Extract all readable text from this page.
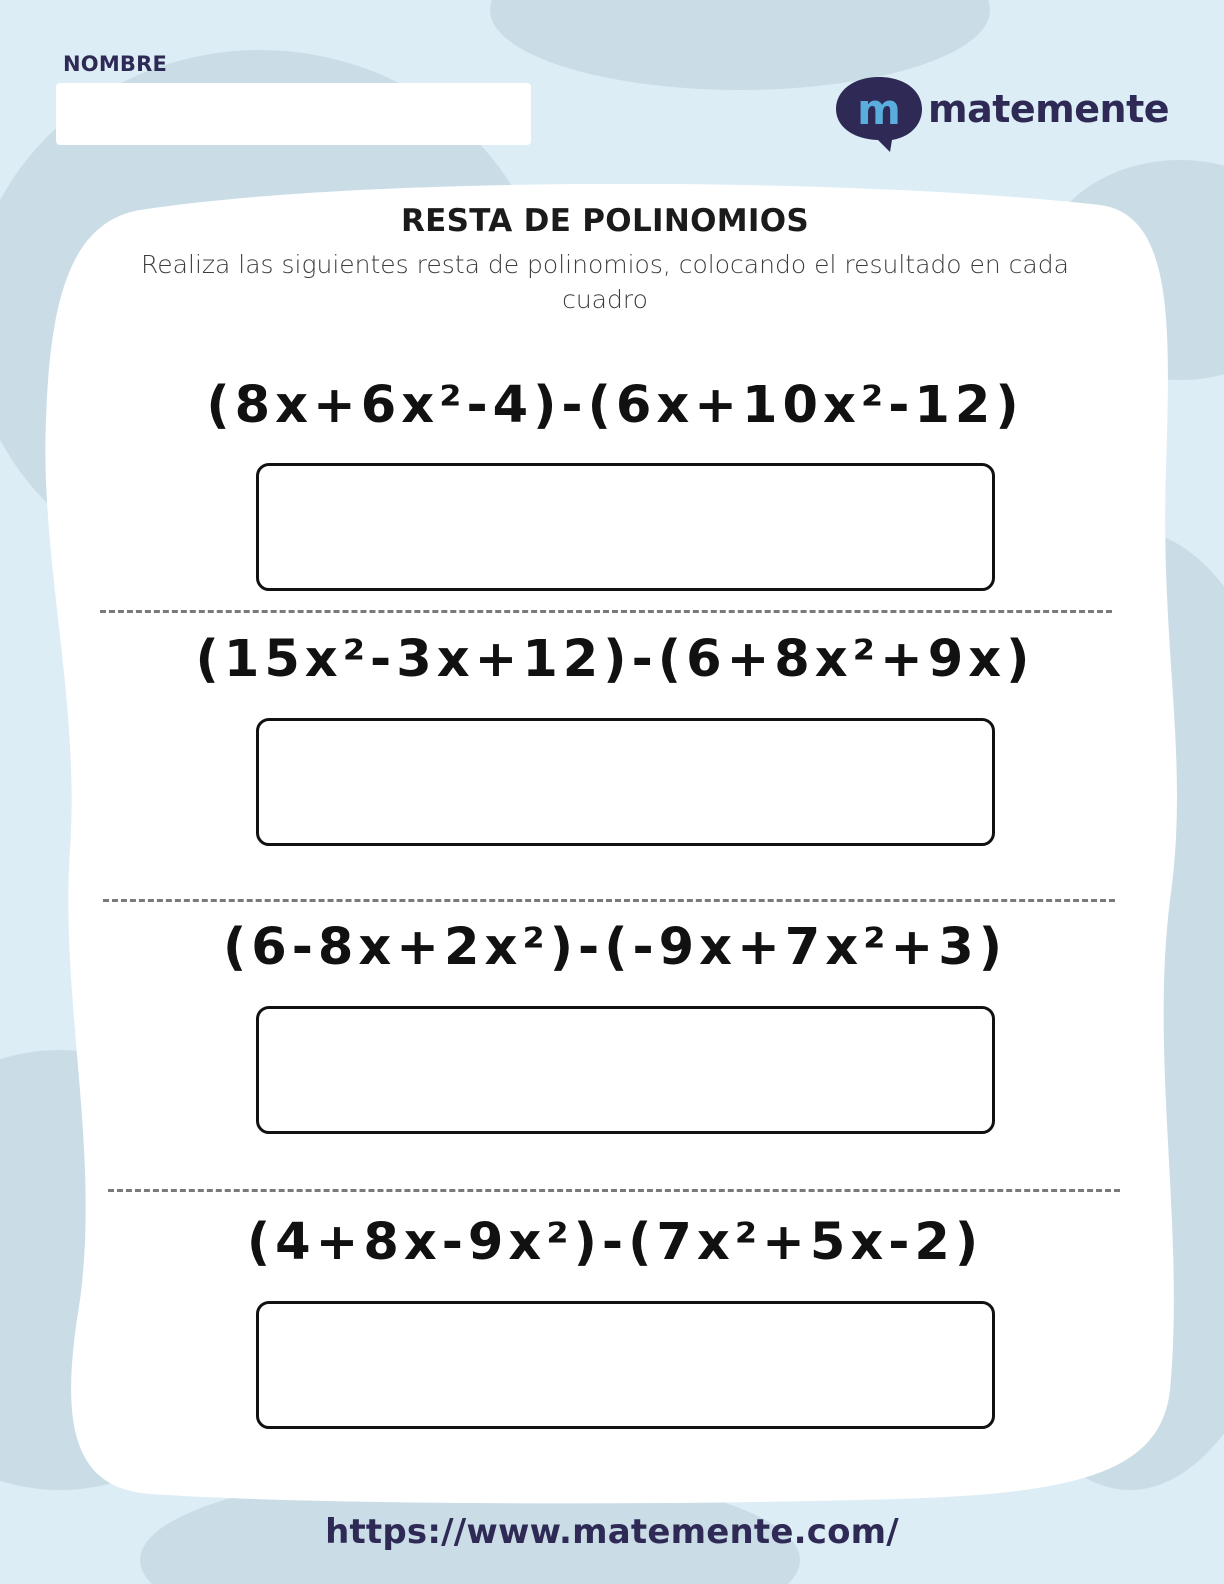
NOMBRE
m matemente
RESTA DE POLINOMIOS
Realiza las siguientes resta de polinomios, colocando el resultado en cada cuadro
(8x+6x²-4)-(6x+10x²-12)
(15x²-3x+12)-(6+8x²+9x)
(6-8x+2x²)-(-9x+7x²+3)
(4+8x-9x²)-(7x²+5x-2)
https://www.matemente.com/
